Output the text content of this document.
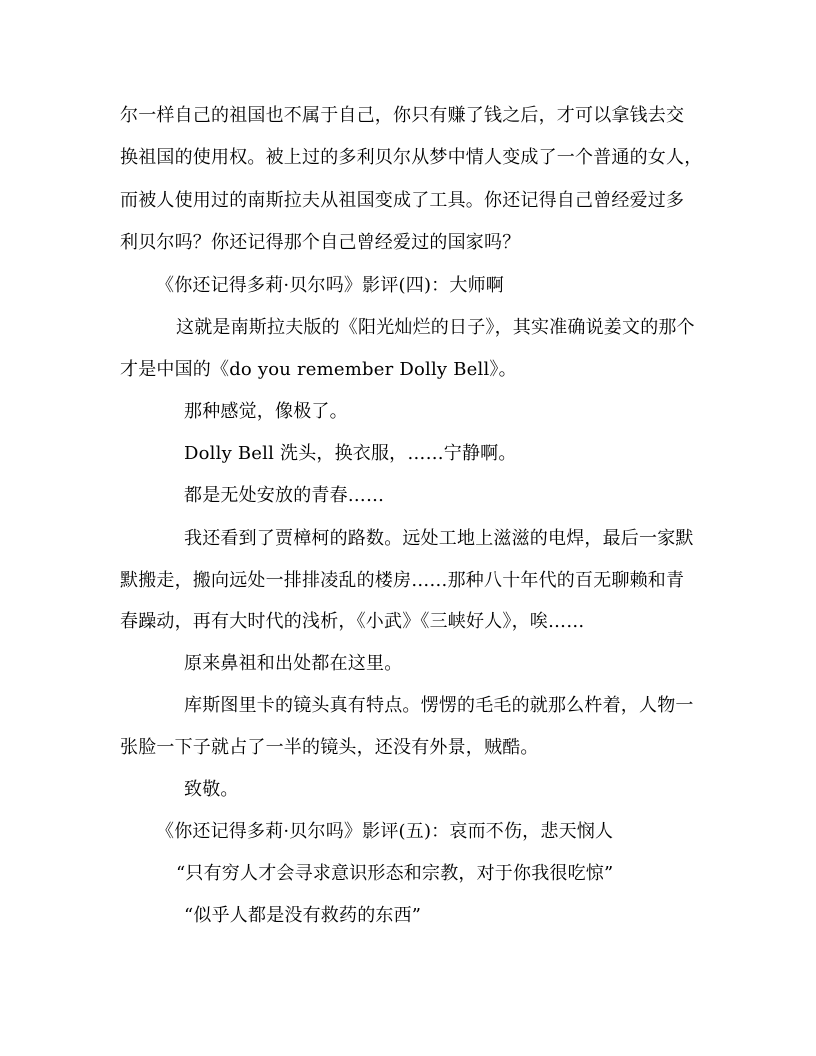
尔一样自己的祖国也不属于自己，你只有赚了钱之后，才可以拿钱去交
换祖国的使用权。被上过的多利贝尔从梦中情人变成了一个普通的女人，
而被人使用过的南斯拉夫从祖国变成了工具。你还记得自己曾经爱过多
利贝尔吗？你还记得那个自己曾经爱过的国家吗？
《你还记得多莉·贝尔吗》影评(四)：大师啊
这就是南斯拉夫版的《阳光灿烂的日子》，其实准确说姜文的那个
才是中国的《do you remember Dolly Bell》。
那种感觉，像极了。
Dolly Bell 洗头，换衣服，……宁静啊。
都是无处安放的青春……
我还看到了贾樟柯的路数。远处工地上滋滋的电焊，最后一家默
默搬走，搬向远处一排排凌乱的楼房……那种八十年代的百无聊赖和青
春躁动，再有大时代的浅析，《小武》《三峡好人》，唉……
原来鼻祖和出处都在这里。
库斯图里卡的镜头真有特点。愣愣的毛毛的就那么杵着，人物一
张脸一下子就占了一半的镜头，还没有外景，贼酷。
致敬。
《你还记得多莉·贝尔吗》影评(五)：哀而不伤，悲天悯人
“只有穷人才会寻求意识形态和宗教，对于你我很吃惊”
“似乎人都是没有救药的东西”
